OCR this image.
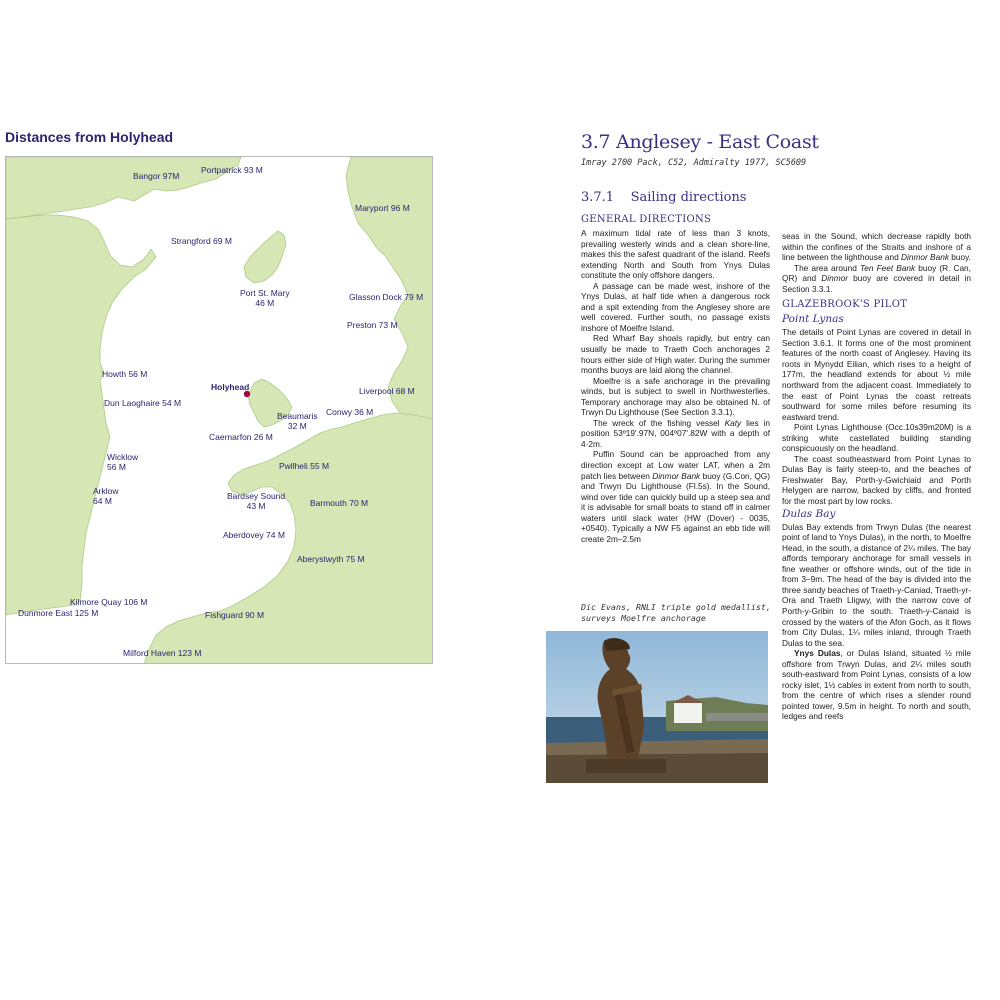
Distances from Holyhead
Bangor 97M
Portpatrick 93 M
Maryport 96 M
Strangford 69 M
Port St. Mary
46 M
Glasson Dock 79 M
Preston 73 M
Howth 56 M
Holyhead	Liverpool 68 M
Dun Laoghaire 54 M
Beaumaris
32 M
Conwy 36 M
Caernarfon 26 M
Wicklow
56 M	Pwllheli 55 M
Arklow
64 M	Bardsey Sound
43 M	Barmouth 70 M
Aberdovey 74 M
Aberystwyth 75 M
Kilmore Quay 106 M
Dunmore East 125 M	Fishguard 90 M
Milford Haven 123 M
3.7 Anglesey - East Coast

Imray 2700 Pack, C52, Admiralty 1977, SC5609

3.7.1    Sailing directions
GENERAL DIRECTIONS

A maximum tidal rate of less than 3 knots, prevailing westerly winds and a clean shore-line, makes this the safest quadrant of the island. Reefs extending North and South from Ynys Dulas constitute the only offshore dangers.

A passage can be made west, inshore of the Ynys Dulas, at half tide when a dangerous rock and a spit extending from the Anglesey shore are well covered. Further south, no passage exists inshore of Moelfre Island.

Red Wharf Bay shoals rapidly, but entry can usually be made to Traeth Coch anchorages 2 hours either side of High water. During the summer months buoys are laid along the channel.

Moelfre is a safe anchorage in the prevailing winds, but is subject to swell in Northwesterlies. Temporary anchorage may also be obtained N. of Trwyn Du Lighthouse (See Section 3.3.1).

The wreck of the fishing vessel Katy lies in position 53º19'.97N, 004º07'.82W with a depth of 4·2m.

Puffin Sound can be approached from any direction except at Low water LAT, when a 2m patch lies between Dinmor Bank buoy (G.Con, QG) and Trwyn Du Lighthouse (Fl.5s). In the Sound, wind over tide can quickly build up a steep sea and it is advisable for small boats to stand off in calmer waters until slack water (HW (Dover) - 0035, +0540). Typically a NW F5 against an ebb tide will create 2m–2.5m

Dic Evans, RNLI triple gold medallist, surveys Moelfre anchorage

seas in the Sound, which decrease rapidly both within the confines of the Straits and inshore of a line between the lighthouse and Dinmor Bank buoy.

The area around Ten Feet Bank buoy (R. Can, QR) and Dinmor buoy are covered in detail in Section 3.3.1.

GLAZEBROOK'S PILOT
Point Lynas

The details of Point Lynas are covered in detail in Section 3.6.1. It forms one of the most prominent features of the north coast of Anglesey. Having its roots in Mynydd Eilian, which rises to a height of 177m, the headland extends for about ½ mile northward from the adjacent coast. Immediately to the east of Point Lynas the coast retreats southward for some miles before resuming its eastward trend.

Point Lynas Lighthouse (Occ.10s39m20M) is a striking white castellated building standing conspicuously on the headland.

The coast southeastward from Point Lynas to Dulas Bay is fairly steep-to, and the beaches of Freshwater Bay, Porth-y-Gwichiaid and Porth Helygen are narrow, backed by cliffs, and fronted for the most part by low rocks.

Dulas Bay

Dulas Bay extends from Trwyn Dulas (the nearest point of land to Ynys Dulas), in the north, to Moelfre Head, in the south, a distance of 2¼ miles. The bay affords temporary anchorage for small vessels in fine weather or offshore winds, out of the tide in from 3–9m. The head of the bay is divided into the three sandy beaches of Traeth-y-Caniad, Traeth-yr-Ora and Traeth Lligwy, with the narrow cove of Porth-y-Gribin to the south. Traeth-y-Canaid is crossed by the waters of the Afon Goch, as it flows from City Dulas, 1¼ miles inland, through Traeth Dulas to the sea.

Ynys Dulas, or Dulas Island, situated ½ mile offshore from Trwyn Dulas, and 2¼ miles south south-eastward from Point Lynas, consists of a low rocky islet, 1½ cables in extent from north to south, from the centre of which rises a slender round pointed tower, 9.5m in height. To north and south, ledges and reefs
